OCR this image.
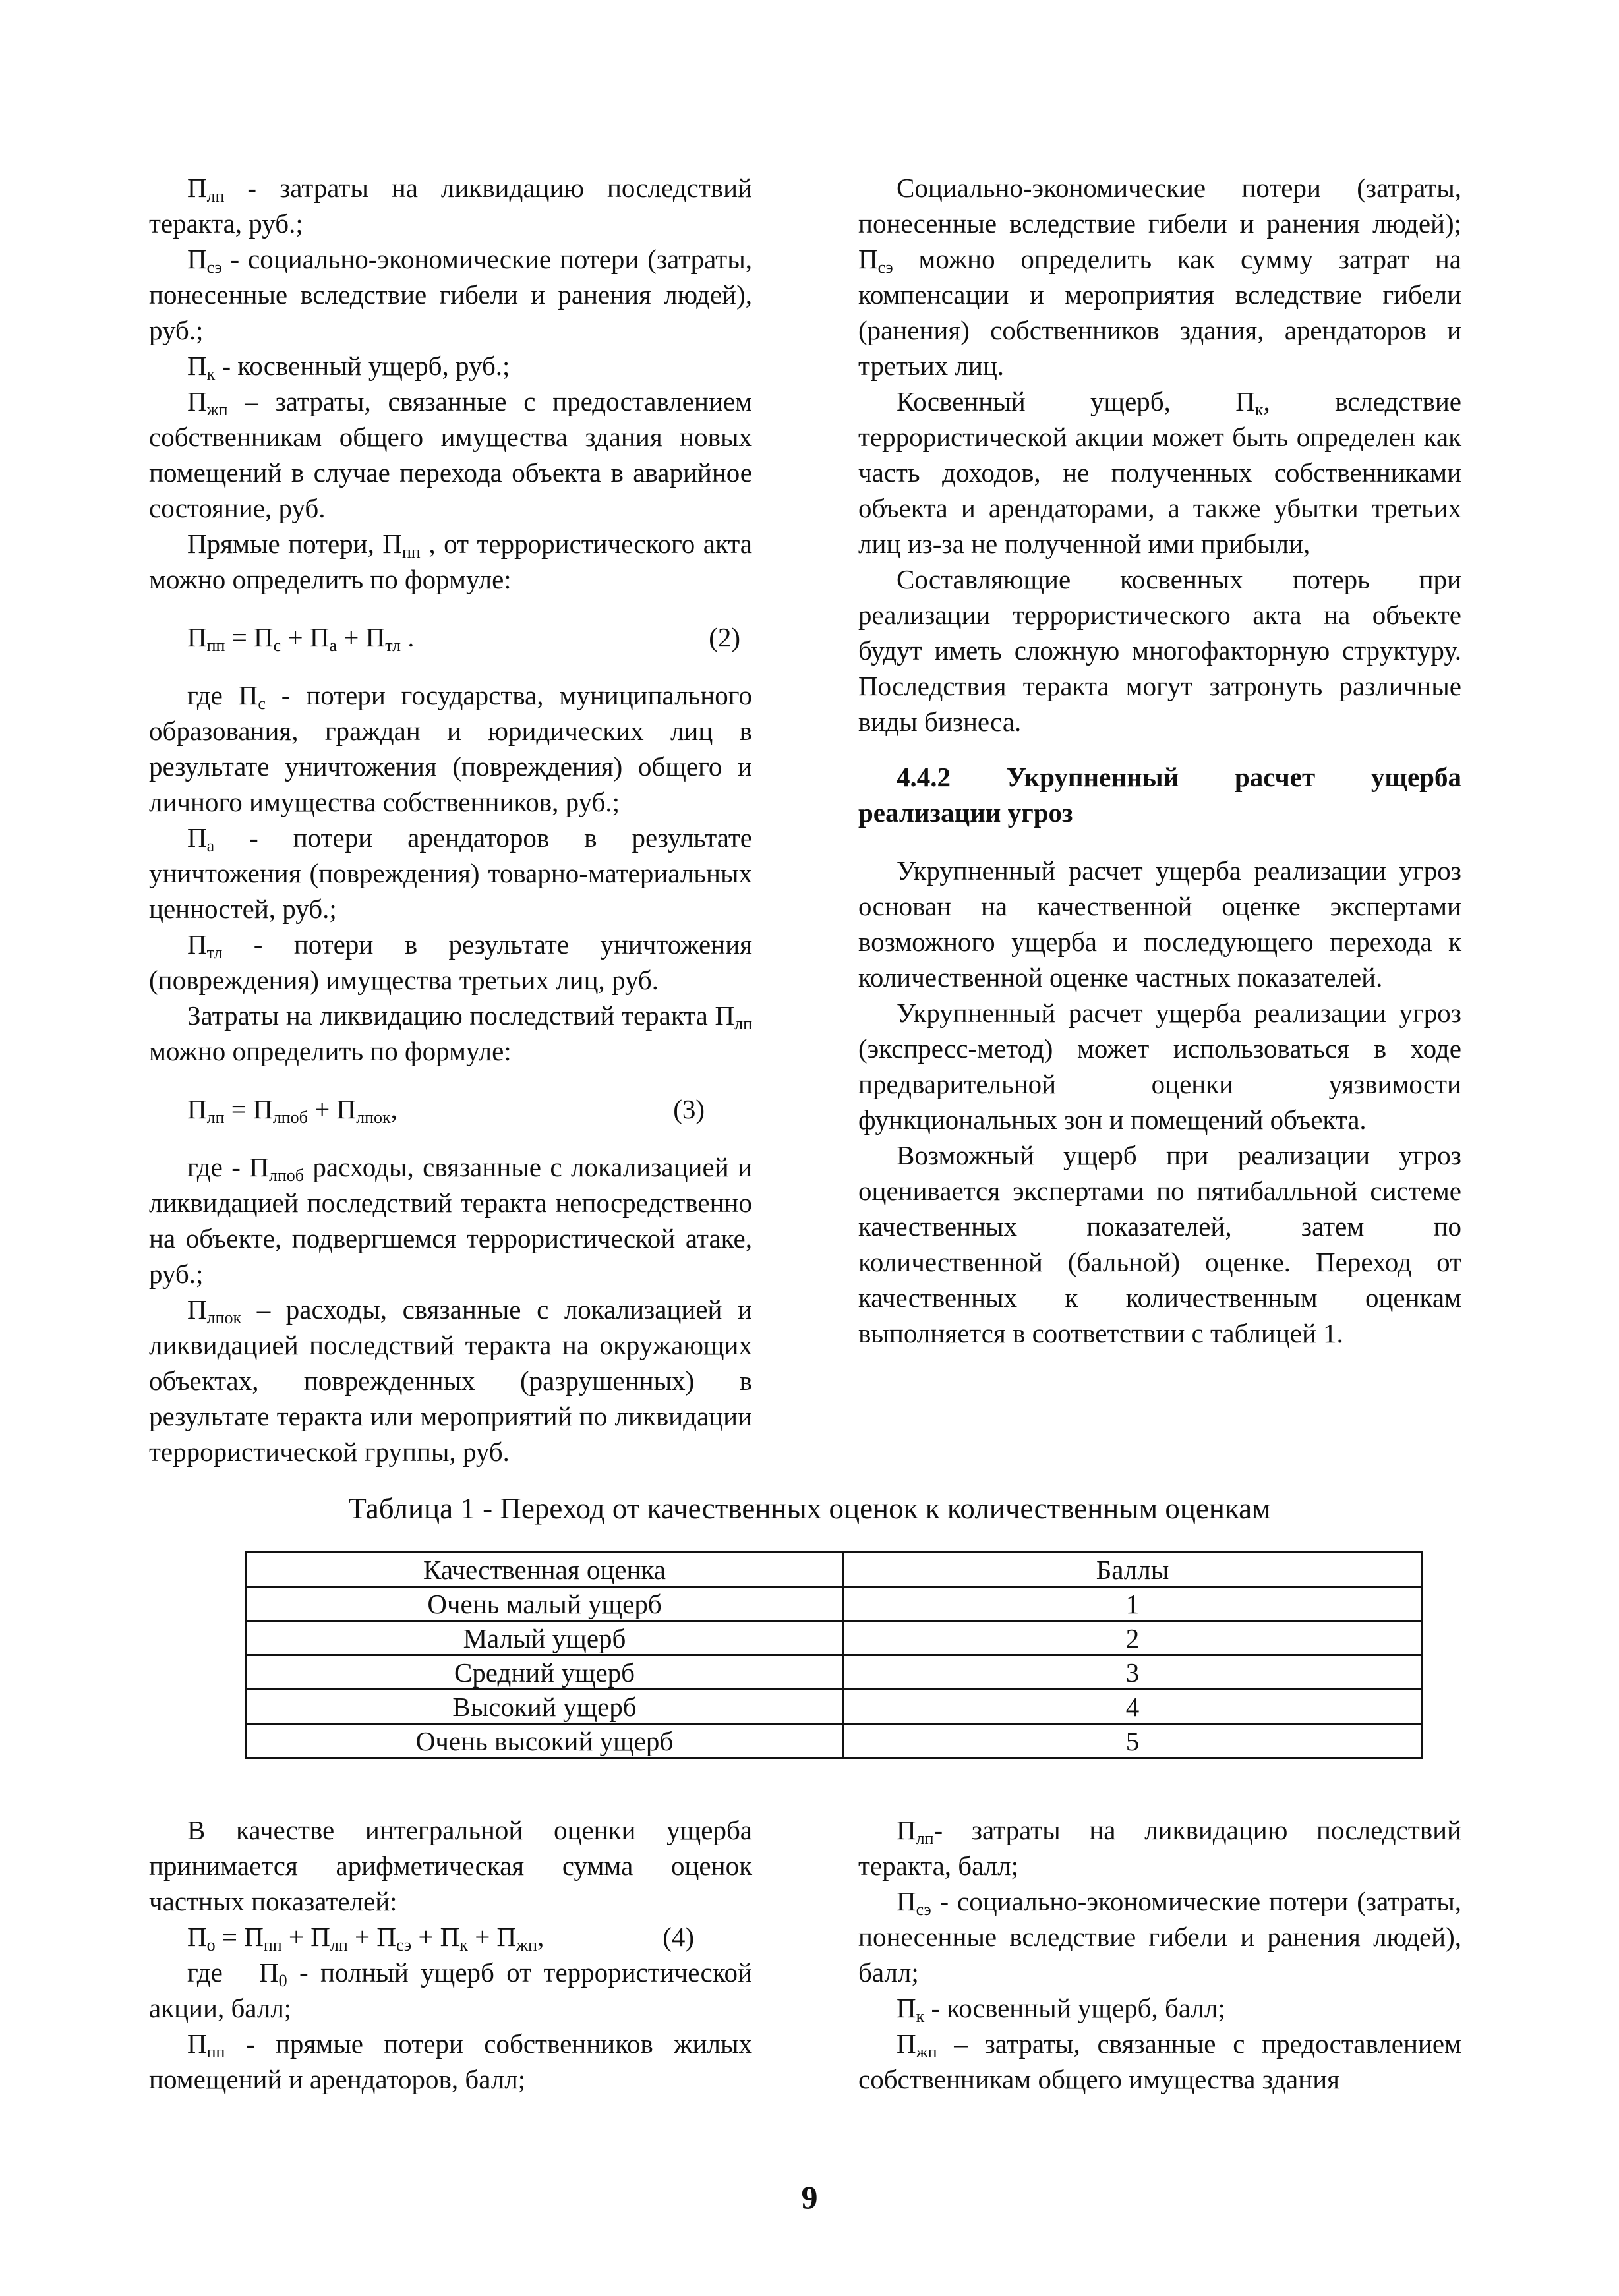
$П_{лп}$ - затраты на ликвидацию последствий теракта, руб.;

$П_{сэ}$ - социально-экономические потери (затраты, понесенные вследствие гибели и ранения людей), руб.;

$П_к$ - косвенный ущерб, руб.;

$П_{жп}$ – затраты, связанные с предоставлением собственникам общего имущества здания новых помещений в случае перехода объекта в аварийное состояние, руб.

Прямые потери, $П_{пп}$ , от террористического акта можно определить по формуле:

$П_{пп} = П_с + П_а + П_{тл}$ .	(2)

где $П_с$ - потери государства, муниципального образования, граждан и юридических лиц в результате уничтожения (повреждения) общего и личного имущества собственников, руб.;

$П_а$ - потери арендаторов в результате уничтожения (повреждения) товарно-материальных ценностей, руб.;

$П_{тл}$ - потери в результате уничтожения (повреждения) имущества третьих лиц, руб.

Затраты на ликвидацию последствий теракта $П_{лп}$ можно определить по формуле:

$П_{лп} = П_{лпоб} + П_{лпок}$,	(3)

где - $П_{лпоб}$ расходы, связанные с локализацией и ликвидацией последствий теракта непосредственно на объекте, подвергшемся террористической атаке, руб.;

$П_{лпок}$ – расходы, связанные с локализацией и ликвидацией последствий теракта на окружающих объектах, поврежденных (разрушенных) в результате теракта или мероприятий по ликвидации террористической группы, руб.

Социально-экономические потери (затраты, понесенные вследствие гибели и ранения людей); $П_{сэ}$ можно определить как сумму затрат на компенсации и мероприятия вследствие гибели (ранения) собственников здания, арендаторов и третьих лиц.

Косвенный ущерб, $П_к$, вследствие террористической акции может быть определен как часть доходов, не полученных собственниками объекта и арендаторами, а также убытки третьих лиц из-за не полученной ими прибыли,

Составляющие косвенных потерь при реализации террористического акта на объекте будут иметь сложную многофакторную структуру. Последствия теракта могут затронуть различные виды бизнеса.

4.4.2 Укрупненный расчет ущерба реализации угроз

Укрупненный расчет ущерба реализации угроз основан на качественной оценке экспертами возможного ущерба и последующего перехода к количественной оценке частных показателей.

Укрупненный расчет ущерба реализации угроз (экспресс-метод) может использоваться в ходе предварительной оценки уязвимости функциональных зон и помещений объекта.

Возможный ущерб при реализации угроз оценивается экспертами по пятибалльной системе качественных показателей, затем по количественной (бальной) оценке. Переход от качественных к количественным оценкам выполняется в соответствии с таблицей 1.

Таблица 1 - Переход от качественных оценок к количественным оценкам
Качественная оценка	Баллы
Очень малый ущерб	1
Малый ущерб	2
Средний ущерб	3
Высокий ущерб	4
Очень высокий ущерб	5

В качестве интегральной оценки ущерба принимается арифметическая сумма оценок частных показателей:

$П_о = П_{пп} + П_{лп} + П_{сэ} + П_к + П_{жп}$,	(4)

где   $П_0$ - полный ущерб от террористической акции, балл;

$П_{пп}$ - прямые потери собственников жилых помещений и арендаторов, балл;

$П_{лп}-$ затраты на ликвидацию последствий теракта, балл;

$П_{сэ}$ - социально-экономические потери (затраты, понесенные вследствие гибели и ранения людей), балл;

$П_к$ - косвенный ущерб, балл;

$П_{жп}$ – затраты, связанные с предоставлением собственникам общего имущества здания

9
